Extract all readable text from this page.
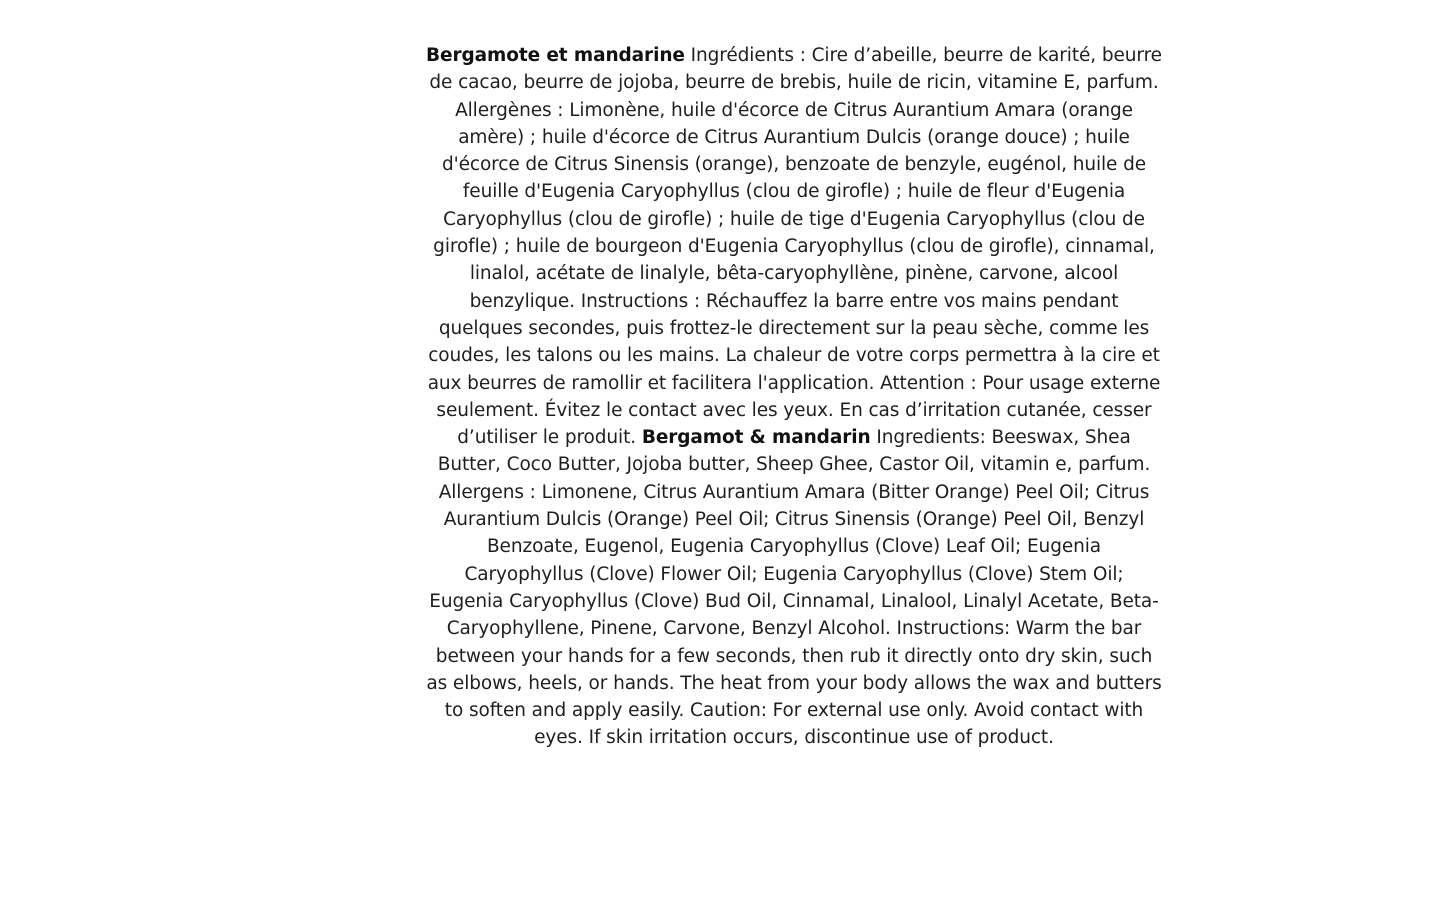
Bergamote et mandarine Ingrédients : Cire d’abeille, beurre de karité, beurre de cacao, beurre de jojoba, beurre de brebis, huile de ricin, vitamine E, parfum. Allergènes : Limonène, huile d'écorce de Citrus Aurantium Amara (orange amère) ; huile d'écorce de Citrus Aurantium Dulcis (orange douce) ; huile d'écorce de Citrus Sinensis (orange), benzoate de benzyle, eugénol, huile de feuille d'Eugenia Caryophyllus (clou de girofle) ; huile de fleur d'Eugenia Caryophyllus (clou de girofle) ; huile de tige d'Eugenia Caryophyllus (clou de girofle) ; huile de bourgeon d'Eugenia Caryophyllus (clou de girofle), cinnamal, linalol, acétate de linalyle, bêta-caryophyllène, pinène, carvone, alcool benzylique. Instructions : Réchauffez la barre entre vos mains pendant quelques secondes, puis frottez-le directement sur la peau sèche, comme les coudes, les talons ou les mains. La chaleur de votre corps permettra à la cire et aux beurres de ramollir et facilitera l'application. Attention : Pour usage externe seulement. Évitez le contact avec les yeux. En cas d’irritation cutanée, cesser d’utiliser le produit. Bergamot & mandarin Ingredients: Beeswax, Shea Butter, Coco Butter, Jojoba butter, Sheep Ghee, Castor Oil, vitamin e, parfum. Allergens : Limonene, Citrus Aurantium Amara (Bitter Orange) Peel Oil; Citrus Aurantium Dulcis (Orange) Peel Oil; Citrus Sinensis (Orange) Peel Oil, Benzyl Benzoate, Eugenol, Eugenia Caryophyllus (Clove) Leaf Oil; Eugenia Caryophyllus (Clove) Flower Oil; Eugenia Caryophyllus (Clove) Stem Oil; Eugenia Caryophyllus (Clove) Bud Oil, Cinnamal, Linalool, Linalyl Acetate, Beta-Caryophyllene, Pinene, Carvone, Benzyl Alcohol. Instructions: Warm the bar between your hands for a few seconds, then rub it directly onto dry skin, such as elbows, heels, or hands. The heat from your body allows the wax and butters to soften and apply easily. Caution: For external use only. Avoid contact with eyes. If skin irritation occurs, discontinue use of product.
